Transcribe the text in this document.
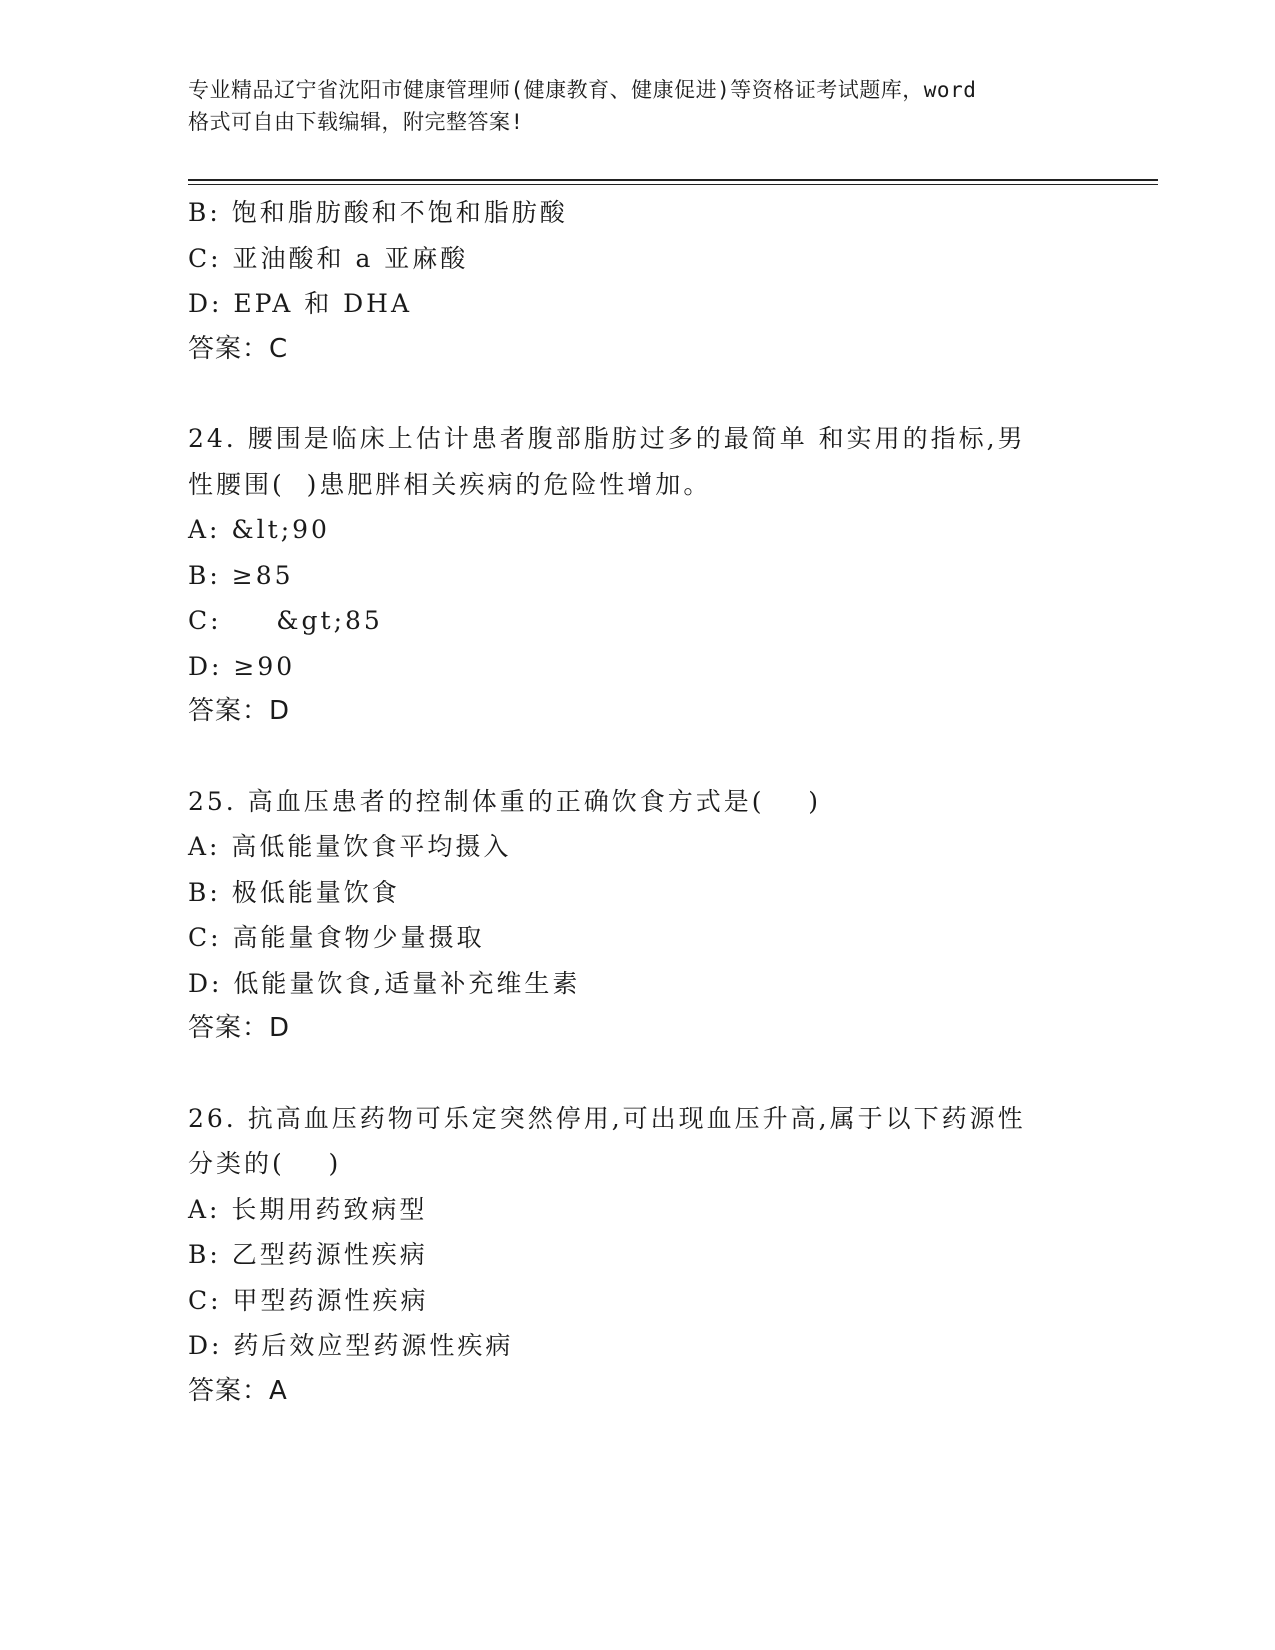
专业精品辽宁省沈阳市健康管理师(健康教育、健康促进)等资格证考试题库，word
格式可自由下载编辑，附完整答案!
B: 饱和脂肪酸和不饱和脂肪酸
C: 亚油酸和 a 亚麻酸
D: EPA 和 DHA
答案：C
24. 腰围是临床上估计患者腹部脂肪过多的最简单 和实用的指标,男
性腰围(  )患肥胖相关疾病的危险性增加。
A: &lt;90
B: ≥85
C:     &gt;85
D: ≥90
答案：D
25. 高血压患者的控制体重的正确饮食方式是(    )
A: 高低能量饮食平均摄入
B: 极低能量饮食
C: 高能量食物少量摄取
D: 低能量饮食,适量补充维生素
答案：D
26. 抗高血压药物可乐定突然停用,可出现血压升高,属于以下药源性
分类的(    )
A: 长期用药致病型
B: 乙型药源性疾病
C: 甲型药源性疾病
D: 药后效应型药源性疾病
答案：A
